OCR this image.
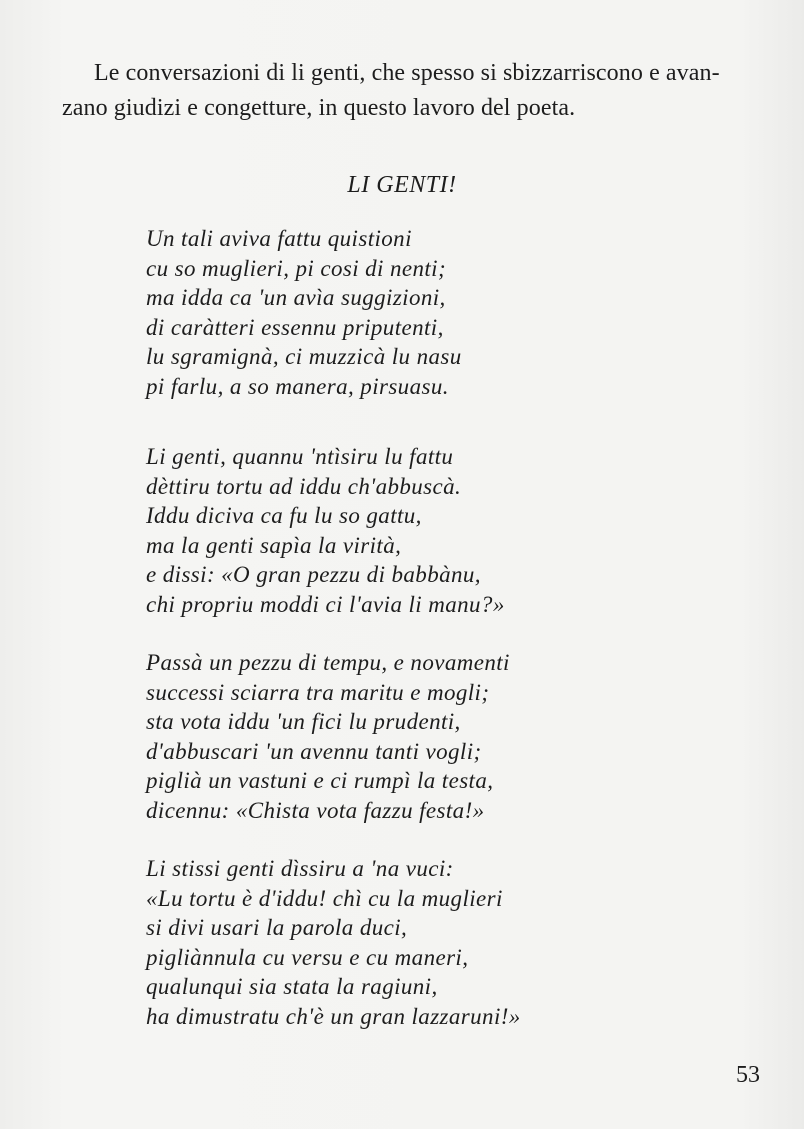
Le conversazioni di li genti, che spesso si sbizzarriscono e avan-
zano giudizi e congetture, in questo lavoro del poeta.
LI GENTI!
Un tali aviva fattu quistioni
cu so muglieri, pi cosi di nenti;
ma idda ca 'un avìa suggizioni,
di caràtteri essennu priputenti,
lu sgramignà, ci muzzicà lu nasu
pi farlu, a so manera, pirsuasu.
Li genti, quannu 'ntìsiru lu fattu
dèttiru tortu ad iddu ch'abbuscà.
Iddu diciva ca fu lu so gattu,
ma la genti sapìa la virità,
e dissi: «O gran pezzu di babbànu,
chi propriu moddi ci l'avia li manu?»
Passà un pezzu di tempu, e novamenti
successi sciarra tra maritu e mogli;
sta vota iddu 'un fici lu prudenti,
d'abbuscari 'un avennu tanti vogli;
piglià un vastuni e ci rumpì la testa,
dicennu: «Chista vota fazzu festa!»
Li stissi genti dìssiru a 'na vuci:
«Lu tortu è d'iddu! chì cu la muglieri
si divi usari la parola duci,
pigliànnula cu versu e cu maneri,
qualunqui sia stata la ragiuni,
ha dimustratu ch'è un gran lazzaruni!»
53
